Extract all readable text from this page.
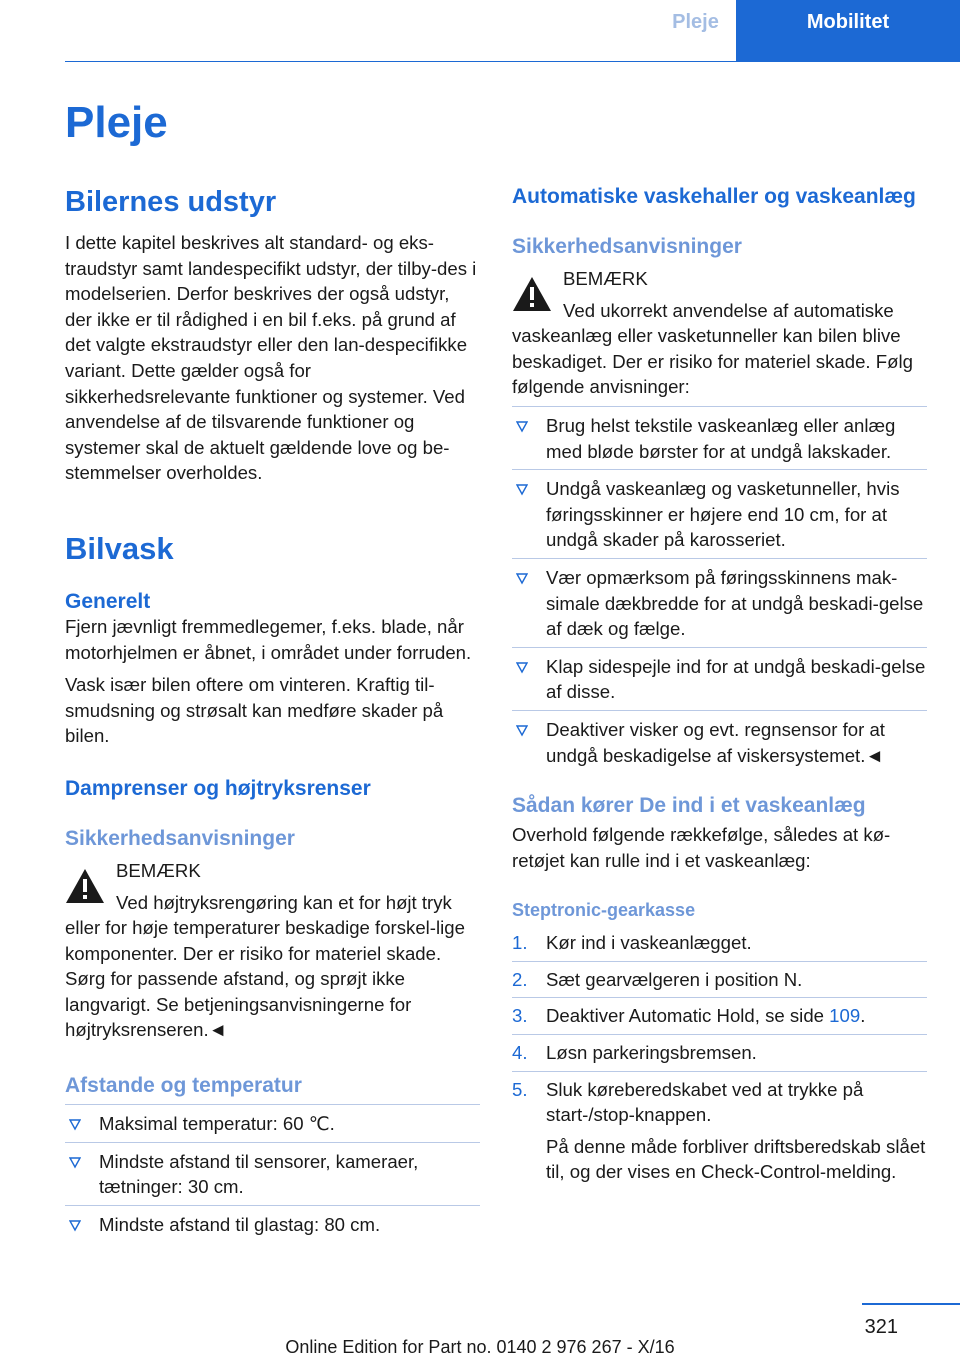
Pleje	Mobilitet
Pleje
Bilernes udstyr

I dette kapitel beskrives alt standard- og eks-traudstyr samt landespecifikt udstyr, der tilby-des i modelserien. Derfor beskrives der også udstyr, der ikke er til rådighed i en bil f.eks. på grund af det valgte ekstraudstyr eller den lan-despecifikke variant. Dette gælder også for sikkerhedsrelevante funktioner og systemer. Ved anvendelse af de tilsvarende funktioner og systemer skal de aktuelt gældende love og be-stemmelser overholdes.

Bilvask
Generelt

Fjern jævnligt fremmedlegemer, f.eks. blade, når motorhjelmen er åbnet, i området under forruden.

Vask især bilen oftere om vinteren. Kraftig til-smudsning og strøsalt kan medføre skader på bilen.

Damprenser og højtryksrenser
Sikkerhedsanvisninger
BEMÆRK
Ved højtryksrengøring kan et for højt tryk eller for høje temperaturer beskadige forskel-lige komponenter. Der er risiko for materiel skade. Sørg for passende afstand, og sprøjt ikke langvarigt. Se betjeningsanvisningerne for højtryksrenseren.◄
Afstande og temperatur
Maksimal temperatur: 60 ℃.
Mindste afstand til sensorer, kameraer, tætninger: 30 cm.
Mindste afstand til glastag: 80 cm.
Automatiske vaskehaller og vaskeanlæg
Sikkerhedsanvisninger
BEMÆRK
Ved ukorrekt anvendelse af automatiske vaskeanlæg eller vasketunneller kan bilen blive beskadiget. Der er risiko for materiel skade. Følg følgende anvisninger:
Brug helst tekstile vaskeanlæg eller anlæg med bløde børster for at undgå lakskader.
Undgå vaskeanlæg og vasketunneller, hvis føringsskinner er højere end 10 cm, for at undgå skader på karosseriet.
Vær opmærksom på føringsskinnens mak-simale dækbredde for at undgå beskadi-gelse af dæk og fælge.
Klap sidespejle ind for at undgå beskadi-gelse af disse.
Deaktiver visker og evt. regnsensor for at undgå beskadigelse af viskersystemet.◄
Sådan kører De ind i et vaskeanlæg

Overhold følgende rækkefølge, således at kø-retøjet kan rulle ind i et vaskeanlæg:

Steptronic-gearkasse
1. Kør ind i vaskeanlægget.
2. Sæt gearvælgeren i position N.
3. Deaktiver Automatic Hold, se side 109.
4. Løsn parkeringsbremsen.
5. Sluk køreberedskabet ved at trykke på start-/stop-knappen.
På denne måde forbliver driftsberedskab slået til, og der vises en Check-Control-melding.
321
Online Edition for Part no. 0140 2 976 267 - X/16
